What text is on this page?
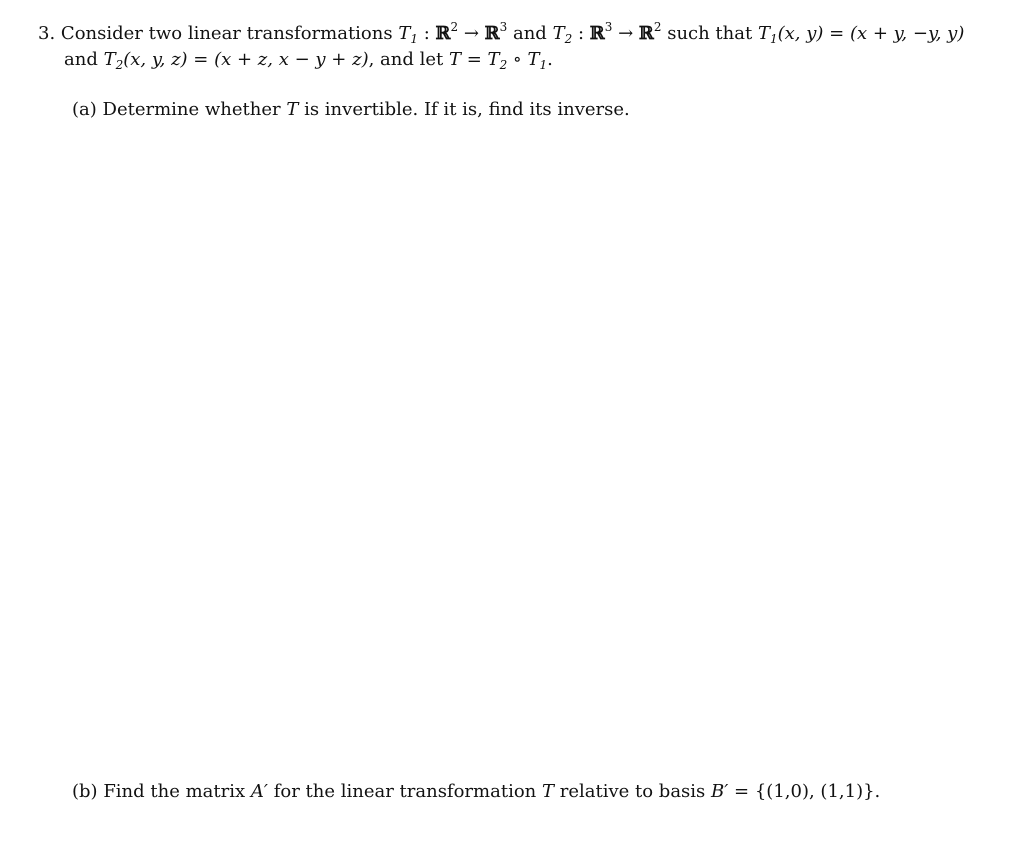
3. Consider two linear transformations $T_1$ : ℝ$^2$ → ℝ$^3$ and $T_2$ : ℝ$^3$ → ℝ$^2$ such that $T_1(x$, y) = (x + y, −y, y)
and $T_2(x$, y, z) = (x + z, x − y + z), and let $T = T_2$ ∘ $T_1$.
(a) Determine whether T is invertible. If it is, find its inverse.
(b) Find the matrix A′ for the linear transformation T relative to basis B′ = {(1,0), (1,1)}.
